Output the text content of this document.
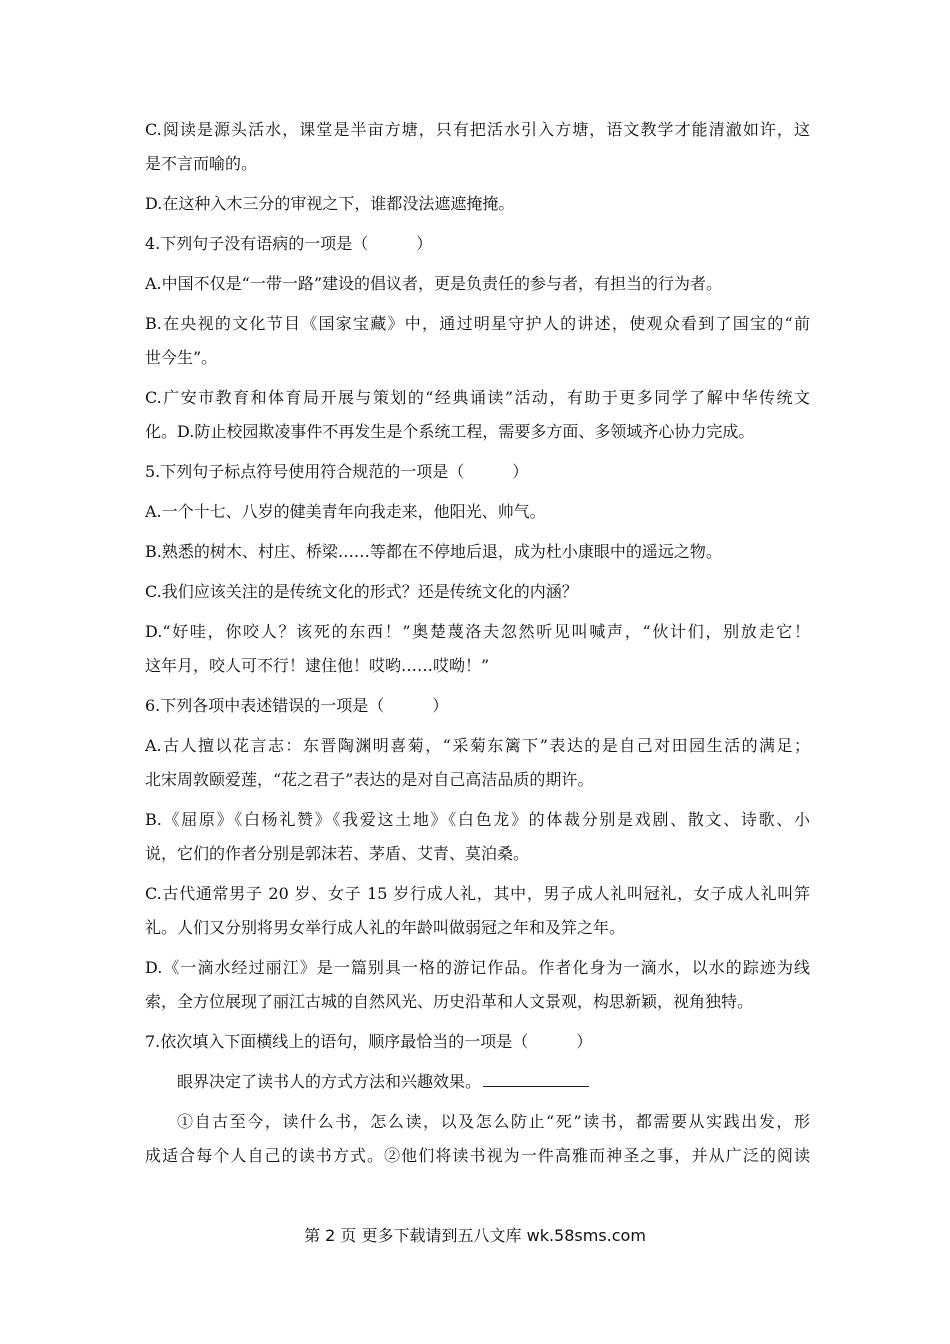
C.阅读是源头活水，课堂是半亩方塘，只有把活水引入方塘，语文教学才能清澈如许，这
是不言而喻的。
D.在这种入木三分的审视之下，谁都没法遮遮掩掩。
4.下列句子没有语病的一项是（　　　）
A.中国不仅是“一带一路”建设的倡议者，更是负责任的参与者，有担当的行为者。
B.在央视的文化节目《国家宝藏》中，通过明星守护人的讲述，使观众看到了国宝的“前
世今生”。
C.广安市教育和体育局开展与策划的“经典诵读”活动，有助于更多同学了解中华传统文
化。D.防止校园欺凌事件不再发生是个系统工程，需要多方面、多领域齐心协力完成。
5.下列句子标点符号使用符合规范的一项是（　　　）
A.一个十七、八岁的健美青年向我走来，他阳光、帅气。
B.熟悉的树木、村庄、桥梁……等都在不停地后退，成为杜小康眼中的遥远之物。
C.我们应该关注的是传统文化的形式？还是传统文化的内涵？
D.“好哇，你咬人？该死的东西！”奥楚蔑洛夫忽然听见叫喊声，“伙计们，别放走它！
这年月，咬人可不行！逮住他！哎哟……哎呦！”
6.下列各项中表述错误的一项是（　　　）
A.古人擅以花言志：东晋陶渊明喜菊，“采菊东篱下”表达的是自己对田园生活的满足；
北宋周敦颐爱莲，“花之君子”表达的是对自己高洁品质的期许。
B.《屈原》《白杨礼赞》《我爱这土地》《白色龙》的体裁分别是戏剧、散文、诗歌、小
说，它们的作者分别是郭沫若、茅盾、艾青、莫泊桑。
C.古代通常男子 20 岁、女子 15 岁行成人礼，其中，男子成人礼叫冠礼，女子成人礼叫笄
礼。人们又分别将男女举行成人礼的年龄叫做弱冠之年和及笄之年。
D.《一滴水经过丽江》是一篇别具一格的游记作品。作者化身为一滴水，以水的踪迹为线
索，全方位展现了丽江古城的自然风光、历史沿革和人文景观，构思新颖，视角独特。
7.依次填入下面横线上的语句，顺序最恰当的一项是（　　　）
眼界决定了读书人的方式方法和兴趣效果。
①自古至今，读什么书，怎么读，以及怎么防止“死”读书，都需要从实践出发，形
成适合每个人自己的读书方式。②他们将读书视为一件高雅而神圣之事，并从广泛的阅读
第 2 页 更多下载请到五八文库 wk.58sms.com
